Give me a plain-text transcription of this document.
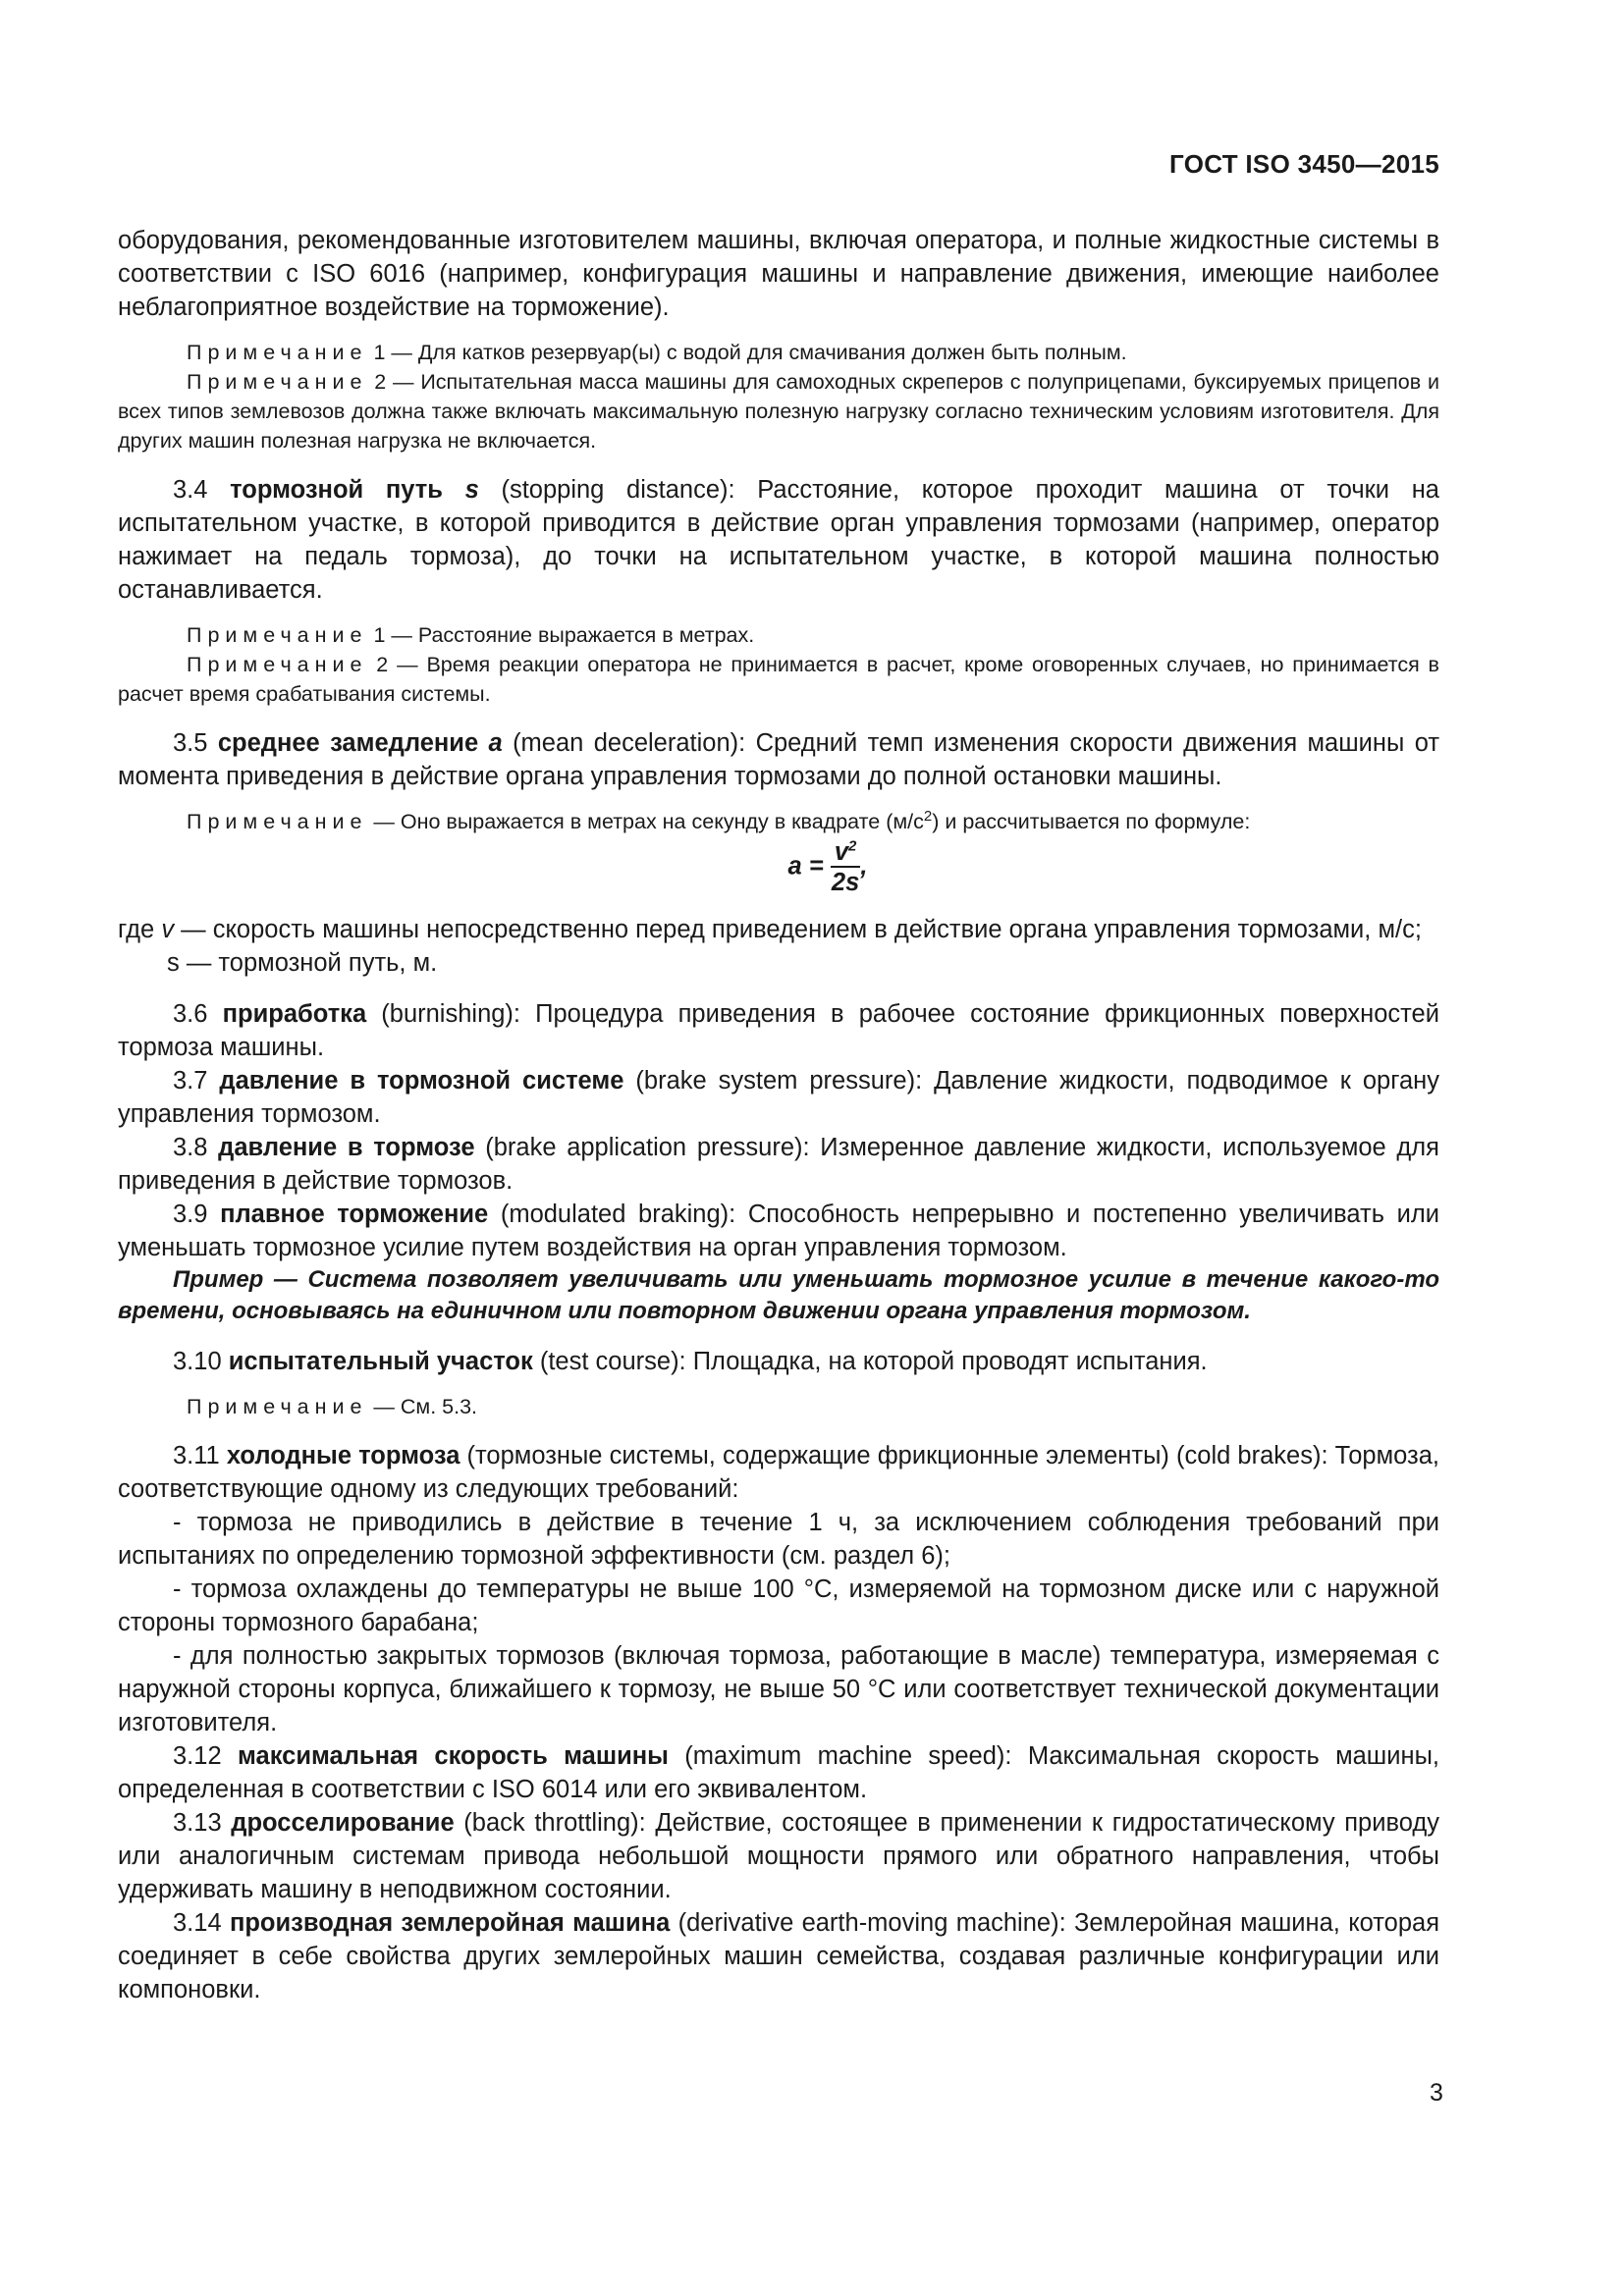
ГОСТ ISO 3450—2015

оборудования, рекомендованные изготовителем машины, включая оператора, и полные жидкостные системы в соответствии с ISO 6016 (например, конфигурация машины и направление движения, имеющие наиболее неблагоприятное воздействие на торможение).

Примечание 1 — Для катков резервуар(ы) с водой для смачивания должен быть полным.

Примечание 2 — Испытательная масса машины для самоходных скреперов с полуприцепами, буксируемых прицепов и всех типов землевозов должна также включать максимальную полезную нагрузку согласно техническим условиям изготовителя. Для других машин полезная нагрузка не включается.

3.4 тормозной путь s (stopping distance): Расстояние, которое проходит машина от точки на испытательном участке, в которой приводится в действие орган управления тормозами (например, оператор нажимает на педаль тормоза), до точки на испытательном участке, в которой машина полностью останавливается.

Примечание 1 — Расстояние выражается в метрах.

Примечание 2 — Время реакции оператора не принимается в расчет, кроме оговоренных случаев, но принимается в расчет время срабатывания системы.

3.5 среднее замедление a (mean deceleration): Средний темп изменения скорости движения машины от момента приведения в действие органа управления тормозами до полной остановки машины.

Примечание — Оно выражается в метрах на секунду в квадрате $(м/с^2)$ и рассчитывается по формуле:

$a = \frac{v^2}{2s}$ ,

где v — скорость машины непосредственно перед приведением в действие органа управления тормозами, м/с;

s — тормозной путь, м.

3.6 приработка (burnishing): Процедура приведения в рабочее состояние фрикционных поверхностей тормоза машины.

3.7 давление в тормозной системе (brake system pressure): Давление жидкости, подводимое к органу управления тормозом.

3.8 давление в тормозе (brake application pressure): Измеренное давление жидкости, используемое для приведения в действие тормозов.

3.9 плавное торможение (modulated braking): Способность непрерывно и постепенно увеличивать или уменьшать тормозное усилие путем воздействия на орган управления тормозом.

Пример — Система позволяет увеличивать или уменьшать тормозное усилие в течение какого-то времени, основываясь на единичном или повторном движении органа управления тормозом.

3.10 испытательный участок (test course): Площадка, на которой проводят испытания.

Примечание — См. 5.3.

3.11 холодные тормоза (тормозные системы, содержащие фрикционные элементы) (cold brakes): Тормоза, соответствующие одному из следующих требований:

- тормоза не приводились в действие в течение 1 ч, за исключением соблюдения требований при испытаниях по определению тормозной эффективности (см. раздел 6);

- тормоза охлаждены до температуры не выше 100 °С, измеряемой на тормозном диске или с наружной стороны тормозного барабана;

- для полностью закрытых тормозов (включая тормоза, работающие в масле) температура, измеряемая с наружной стороны корпуса, ближайшего к тормозу, не выше 50 °С или соответствует технической документации изготовителя.

3.12 максимальная скорость машины (maximum machine speed): Максимальная скорость машины, определенная в соответствии с ISO 6014 или его эквивалентом.

3.13 дросселирование (back throttling): Действие, состоящее в применении к гидростатическому приводу или аналогичным системам привода небольшой мощности прямого или обратного направления, чтобы удерживать машину в неподвижном состоянии.

3.14 производная землеройная машина (derivative earth-moving machine): Землеройная машина, которая соединяет в себе свойства других землеройных машин семейства, создавая различные конфигурации или компоновки.

3
